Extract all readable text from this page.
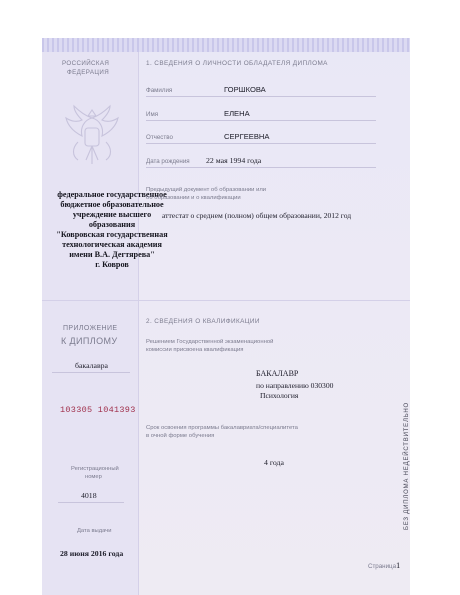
РОССИЙСКАЯ
ФЕДЕРАЦИЯ
федеральное государственное
бюджетное образовательное
учреждение высшего
образования
"Ковровская государственная
технологическая академия
имени В.А. Дегтярева"
г. Ковров
1. СВЕДЕНИЯ О ЛИЧНОСТИ ОБЛАДАТЕЛЯ ДИПЛОМА
Фамилия	ГОРШКОВА
Имя	ЕЛЕНА
Отчество	СЕРГЕЕВНА
Дата рождения 22 мая 1994 года
Предыдущий документ об образовании или
об образовании и о квалификации
аттестат о среднем (полном) общем образовании, 2012 год
ПРИЛОЖЕНИЕ
К ДИПЛОМУ
бакалавра
103305 1041393
Регистрационный
номер
4018
Дата выдачи
28 июня 2016 года
2. СВЕДЕНИЯ О КВАЛИФИКАЦИИ
Решением Государственной экзаменационной
комиссии присвоена квалификация
БАКАЛАВР
по направлению 030300
Психология
Срок освоения программы бакалавриата/специалитета
в очной форме обучения
4 года
Страница 1
БЕЗ ДИПЛОМА НЕДЕЙСТВИТЕЛЬНО
